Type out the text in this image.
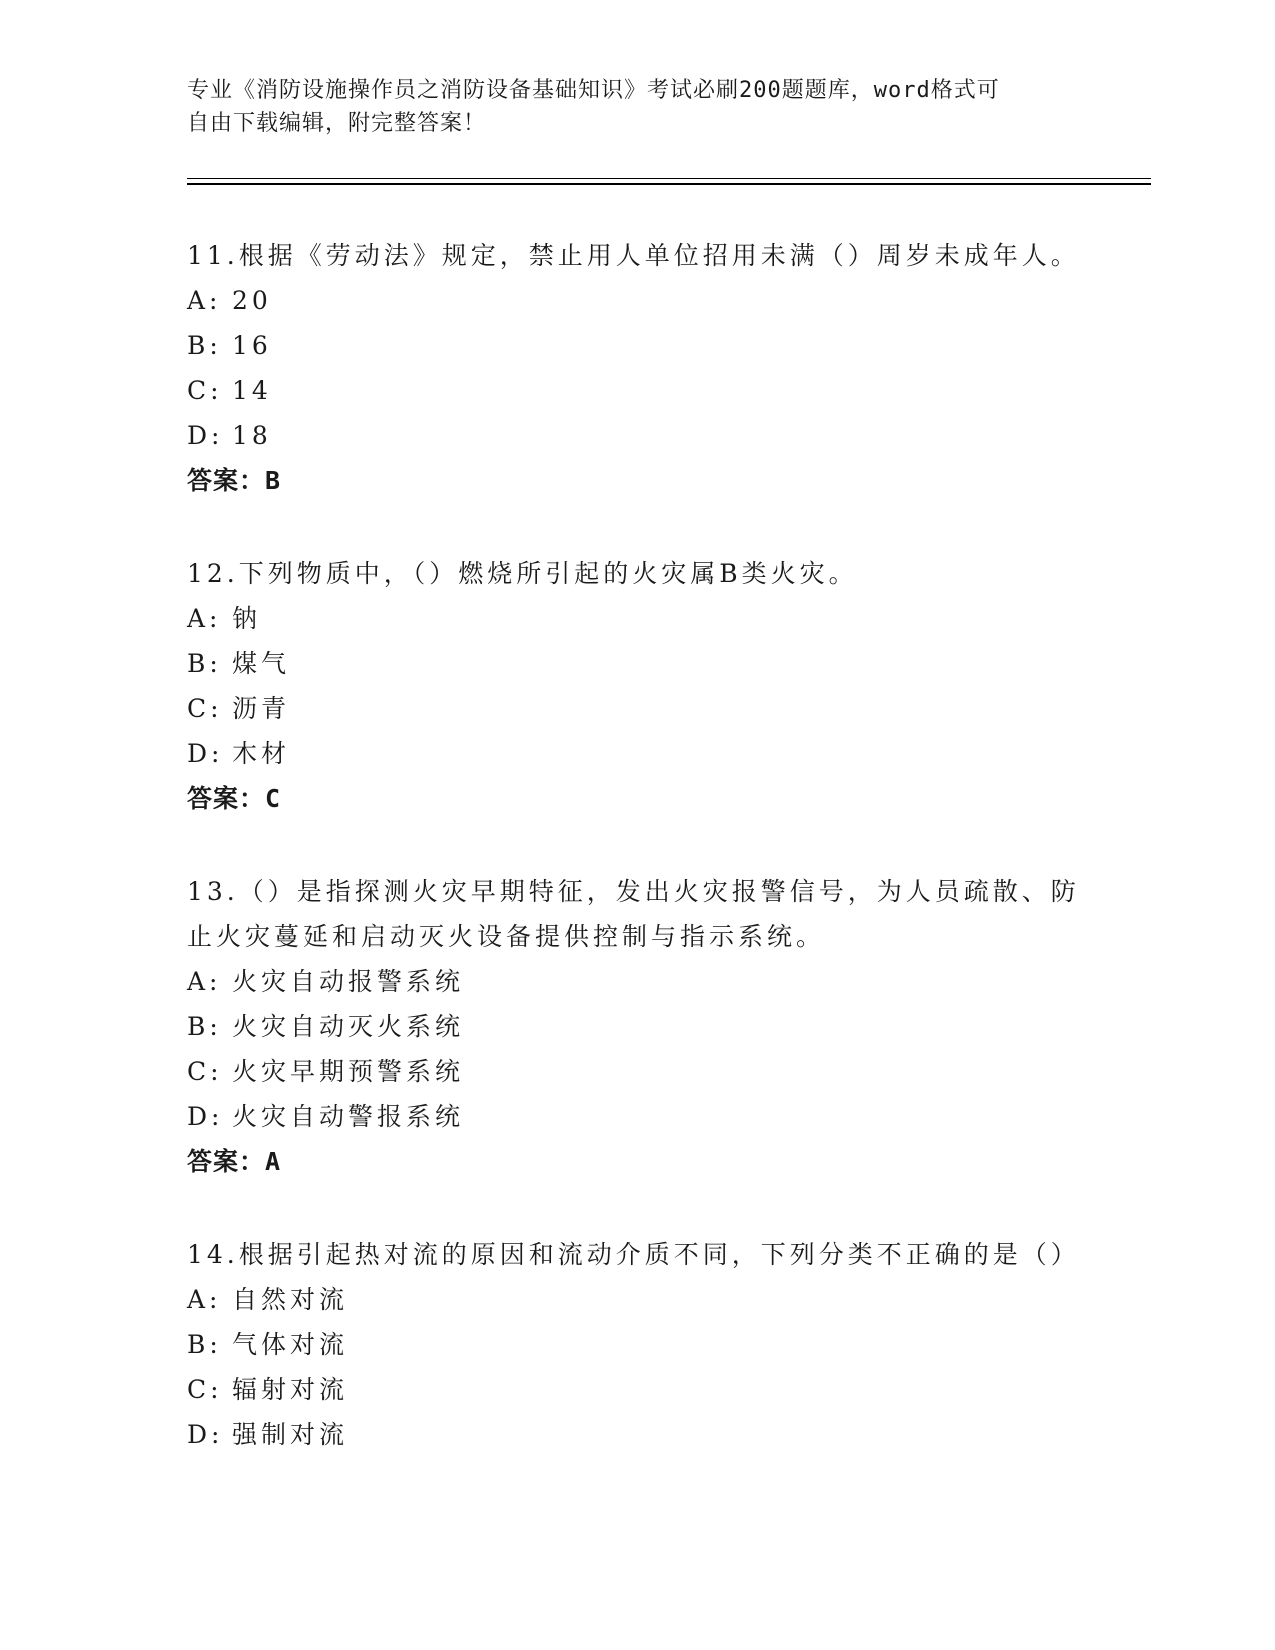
专业《消防设施操作员之消防设备基础知识》考试必刷200题题库，word格式可
自由下载编辑，附完整答案！

11.根据《劳动法》规定，禁止用人单位招用未满（）周岁未成年人。

A: 20
B: 16
C: 14
D: 18
答案：B

12.下列物质中，（）燃烧所引起的火灾属B类火灾。

A: 钠
B: 煤气
C: 沥青
D: 木材
答案：C

13.（）是指探测火灾早期特征，发出火灾报警信号，为人员疏散、防止火灾蔓延和启动灭火设备提供控制与指示系统。

A: 火灾自动报警系统
B: 火灾自动灭火系统
C: 火灾早期预警系统
D: 火灾自动警报系统
答案：A

14.根据引起热对流的原因和流动介质不同，下列分类不正确的是（）

A: 自然对流
B: 气体对流
C: 辐射对流
D: 强制对流
